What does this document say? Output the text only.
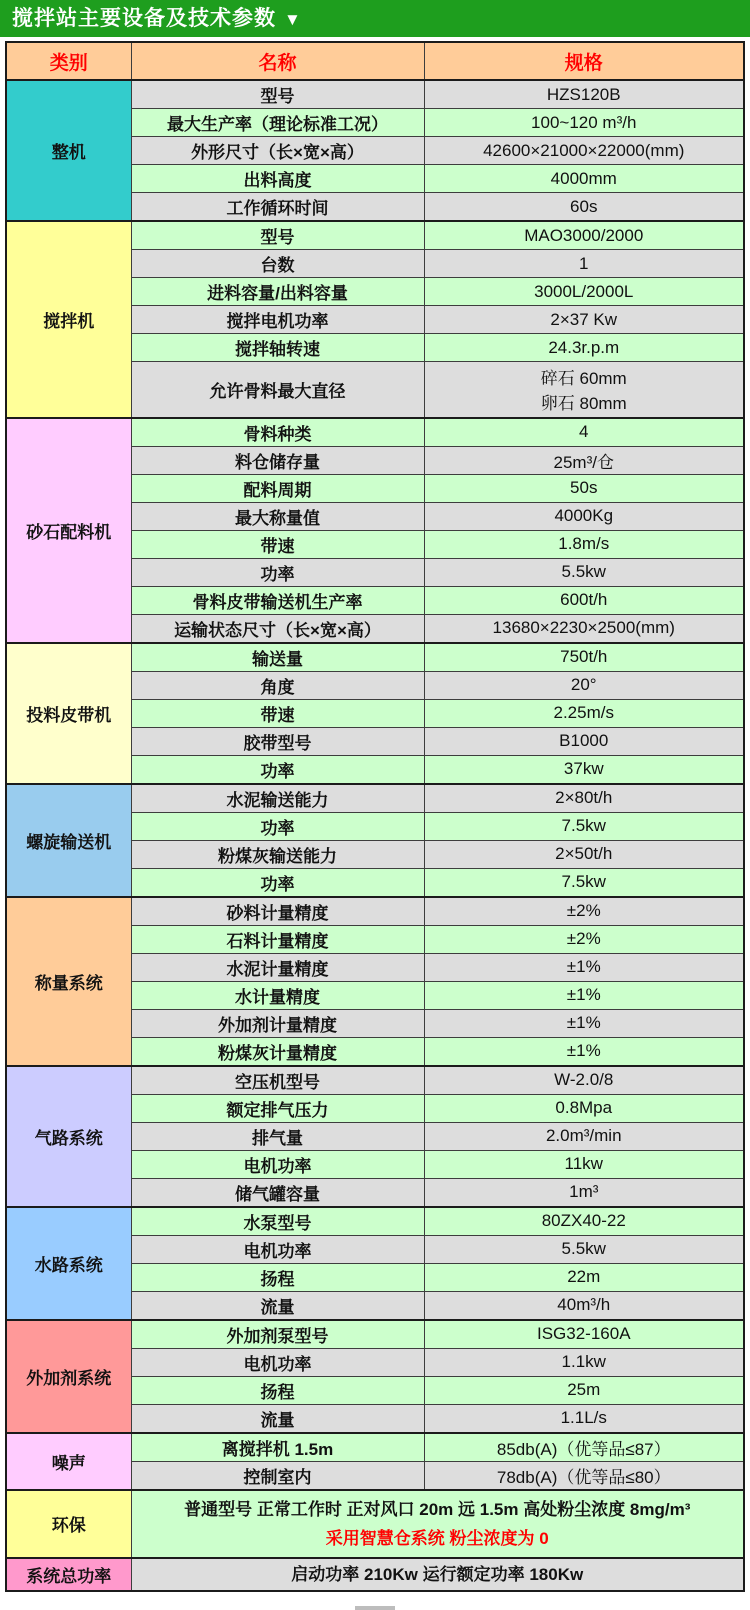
搅拌站主要设备及技术参数 ▼
类别	名称	规格
整机	型号	HZS120B
	最大生产率（理论标准工况）	100~120 m³/h
	外形尺寸（长×宽×高）	42600×21000×22000(mm)
	出料高度	4000mm
	工作循环时间	60s
搅拌机	型号	MAO3000/2000
	台数	1
	进料容量/出料容量	3000L/2000L
	搅拌电机功率	2×37 Kw
	搅拌轴转速	24.3r.p.m
	允许骨料最大直径	碎石 60mm
卵石 80mm

砂石配料机	骨料种类	4
	料仓储存量	25m³/仓
	配料周期	50s
	最大称量值	4000Kg
	带速	1.8m/s
	功率	5.5kw
	骨料皮带输送机生产率	600t/h
	运输状态尺寸（长×宽×高）	13680×2230×2500(mm)
投料皮带机	输送量	750t/h
	角度	20°
	带速	2.25m/s
	胶带型号	B1000
	功率	37kw
螺旋输送机	水泥输送能力	2×80t/h
	功率	7.5kw
	粉煤灰输送能力	2×50t/h
	功率	7.5kw
称量系统	砂料计量精度	±2%
	石料计量精度	±2%
	水泥计量精度	±1%
	水计量精度	±1%
	外加剂计量精度	±1%
	粉煤灰计量精度	±1%
气路系统	空压机型号	W-2.0/8
	额定排气压力	0.8Mpa
	排气量	2.0m³/min
	电机功率	11kw
	储气罐容量	1m³
水路系统	水泵型号	80ZX40-22
	电机功率	5.5kw
	扬程	22m
	流量	40m³/h
外加剂系统	外加剂泵型号	ISG32-160A
	电机功率	1.1kw
	扬程	25m
	流量	1.1L/s
噪声	离搅拌机 1.5m	85db(A)（优等品≤87）
	控制室内	78db(A)（优等品≤80）
环保	普通型号 正常工作时 正对风口 20m 远 1.5m 高处粉尘浓度 8mg/m³
采用智慧仓系统 粉尘浓度为 0	

系统总功率	启动功率 210Kw 运行额定功率 180Kw	
